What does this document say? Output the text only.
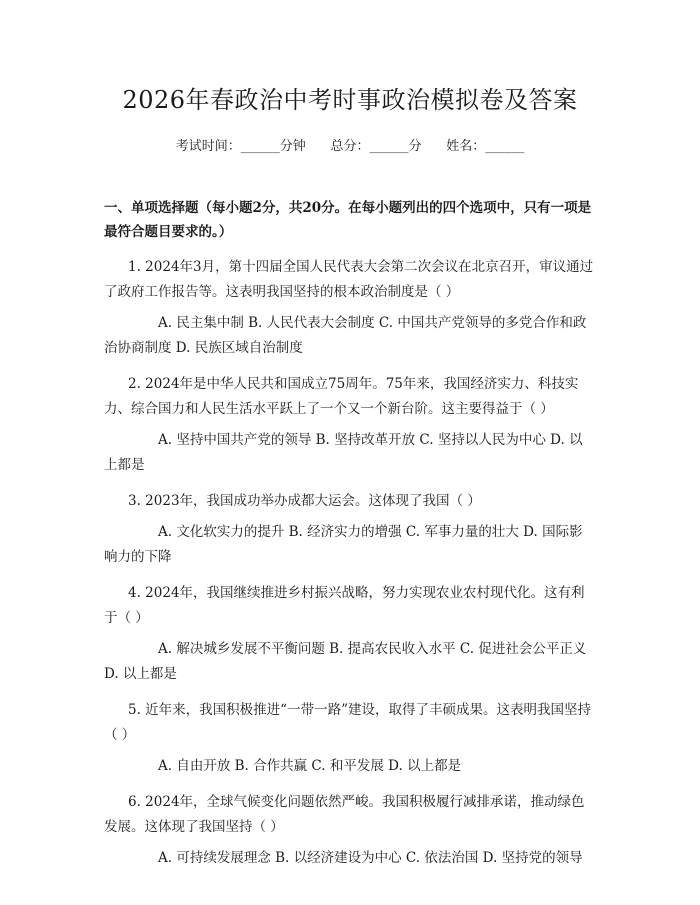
2026年春政治中考时事政治模拟卷及答案
考试时间：______分钟      总分：______分      姓名：______
一、单项选择题（每小题2分，共20分。在每小题列出的四个选项中，只有一项是最符合题目要求的。）

1. 2024年3月，第十四届全国人民代表大会第二次会议在北京召开，审议通过了政府工作报告等。这表明我国坚持的根本政治制度是（ ）

A. 民主集中制 B. 人民代表大会制度 C. 中国共产党领导的多党合作和政治协商制度 D. 民族区域自治制度

2. 2024年是中华人民共和国成立75周年。75年来，我国经济实力、科技实力、综合国力和人民生活水平跃上了一个又一个新台阶。这主要得益于（ ）

A. 坚持中国共产党的领导 B. 坚持改革开放 C. 坚持以人民为中心 D. 以上都是

3. 2023年，我国成功举办成都大运会。这体现了我国（ ）

A. 文化软实力的提升 B. 经济实力的增强 C. 军事力量的壮大 D. 国际影响力的下降

4. 2024年，我国继续推进乡村振兴战略，努力实现农业农村现代化。这有利于（ ）

A. 解决城乡发展不平衡问题 B. 提高农民收入水平 C. 促进社会公平正义 D. 以上都是

5. 近年来，我国积极推进“一带一路”建设，取得了丰硕成果。这表明我国坚持（ ）

A. 自由开放 B. 合作共赢 C. 和平发展 D. 以上都是

6. 2024年，全球气候变化问题依然严峻。我国积极履行减排承诺，推动绿色发展。这体现了我国坚持（ ）

A. 可持续发展理念 B. 以经济建设为中心 C. 依法治国 D. 坚持党的领导
